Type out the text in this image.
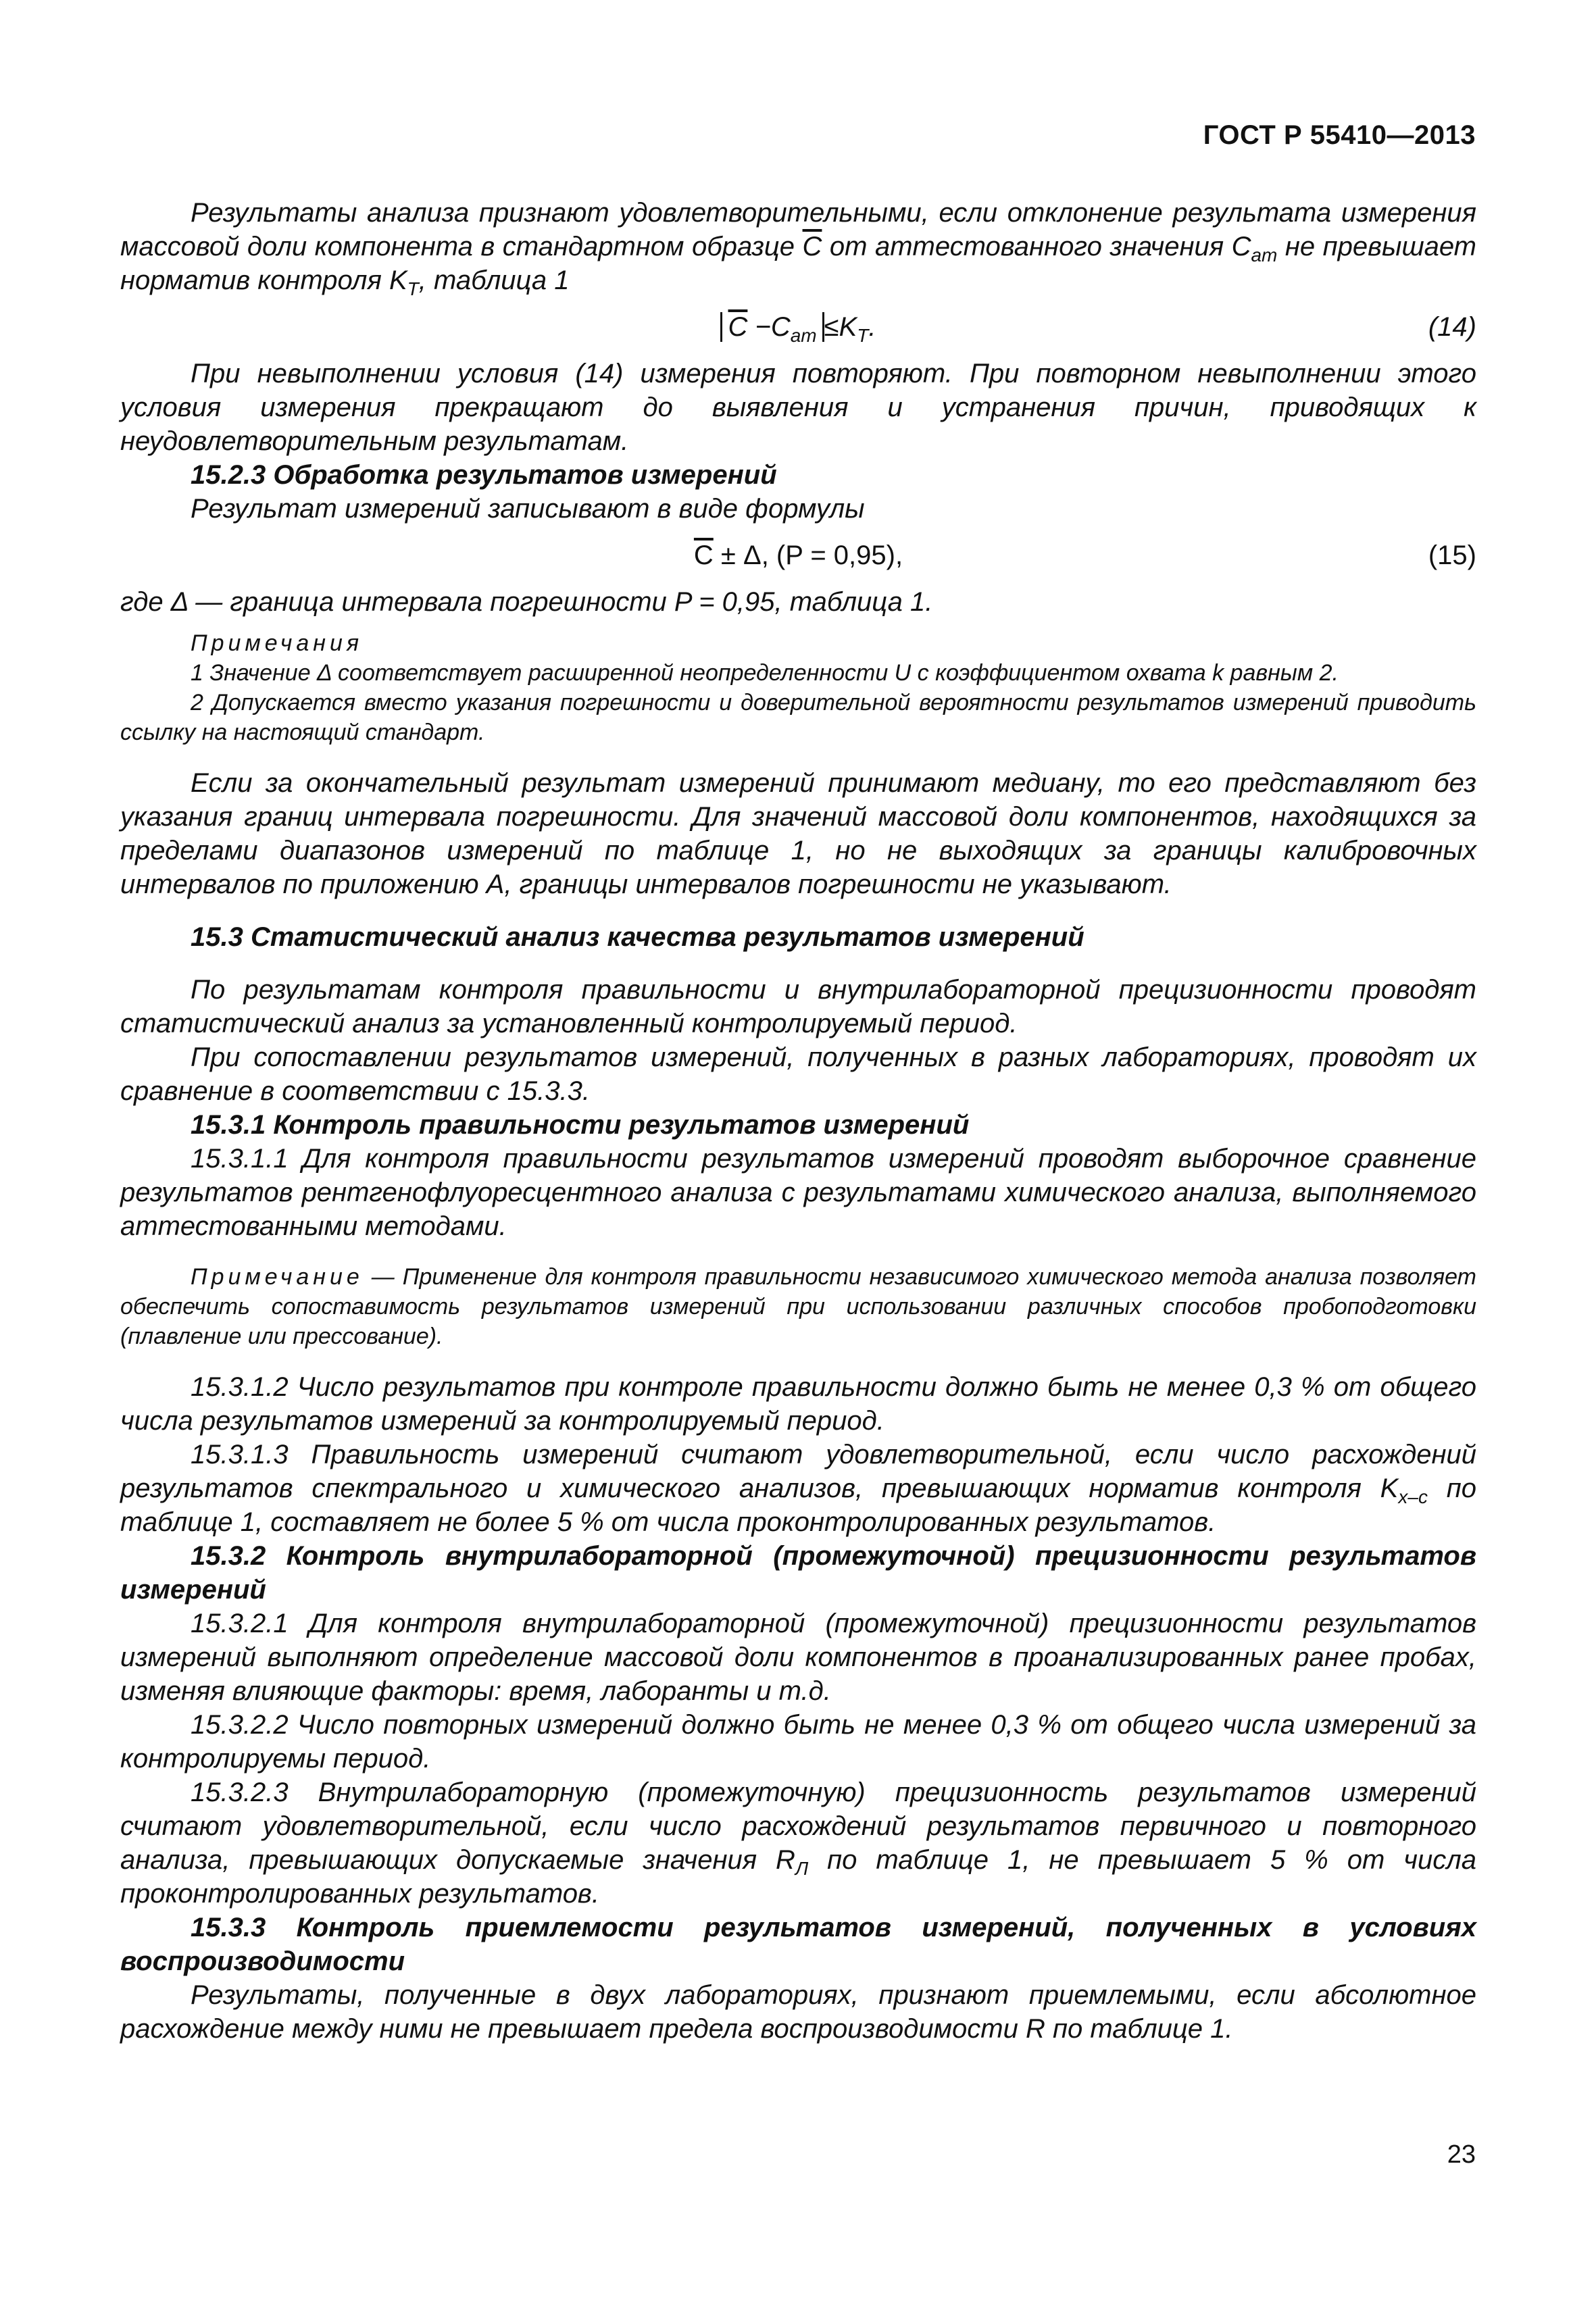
ГОСТ Р 55410—2013

Результаты анализа признают удовлетворительными, если отклонение результата измерения массовой доли компонента в стандартном образце $\overline{C}$ от аттестованного значения $C_{am}$ не превышает норматив контроля $K_T$, таблица 1

$\overline{C} -C_{am} \le K_T$.	(14)

При невыполнении условия (14) измерения повторяют. При повторном невыполнении этого условия измерения прекращают до выявления и устранения причин, приводящих к неудовлетворительным результатам.

15.2.3 Обработка результатов измерений

Результат измерений записывают в виде формулы

$\overline{C} \pm \Delta$, (P = 0,95),	(15)

где Δ — граница интервала погрешности P = 0,95, таблица 1.

Примечания

1 Значение Δ соответствует расширенной неопределенности U с коэффициентом охвата k равным 2.

2 Допускается вместо указания погрешности и доверительной вероятности результатов измерений приводить ссылку на настоящий стандарт.

Если за окончательный результат измерений принимают медиану, то его представляют без указания границ интервала погрешности. Для значений массовой доли компонентов, находящихся за пределами диапазонов измерений по таблице 1, но не выходящих за границы калибровочных интервалов по приложению А, границы интервалов погрешности не указывают.

15.3 Статистический анализ качества результатов измерений

По результатам контроля правильности и внутрилабораторной прецизионности проводят статистический анализ за установленный контролируемый период.

При сопоставлении результатов измерений, полученных в разных лабораториях, проводят их сравнение в соответствии с 15.3.3.

15.3.1 Контроль правильности результатов измерений

15.3.1.1 Для контроля правильности результатов измерений проводят выборочное сравнение результатов рентгенофлуоресцентного анализа с результатами химического анализа, выполняемого аттестованными методами.

Примечание — Применение для контроля правильности независимого химического метода анализа позволяет обеспечить сопоставимость результатов измерений при использовании различных способов пробоподготовки (плавление или прессование).

15.3.1.2 Число результатов при контроле правильности должно быть не менее 0,3 % от общего числа результатов измерений за контролируемый период.

15.3.1.3 Правильность измерений считают удовлетворительной, если число расхождений результатов спектрального и химического анализов, превышающих норматив контроля $K_{x-c}$ по таблице 1, составляет не более 5 % от числа проконтролированных результатов.

15.3.2 Контроль внутрилабораторной (промежуточной) прецизионности результатов измерений

15.3.2.1 Для контроля внутрилабораторной (промежуточной) прецизионности результатов измерений выполняют определение массовой доли компонентов в проанализированных ранее пробах, изменяя влияющие факторы: время, лаборанты и т.д.

15.3.2.2 Число повторных измерений должно быть не менее 0,3 % от общего числа измерений за контролируемы период.

15.3.2.3 Внутрилабораторную (промежуточную) прецизионность результатов измерений считают удовлетворительной, если число расхождений результатов первичного и повторного анализа, превышающих допускаемые значения $R_Л$ по таблице 1, не превышает 5 % от числа проконтролированных результатов.

15.3.3 Контроль приемлемости результатов измерений, полученных в условиях воспроизводимости

Результаты, полученные в двух лабораториях, признают приемлемыми, если абсолютное расхождение между ними не превышает предела воспроизводимости R по таблице 1.

23
